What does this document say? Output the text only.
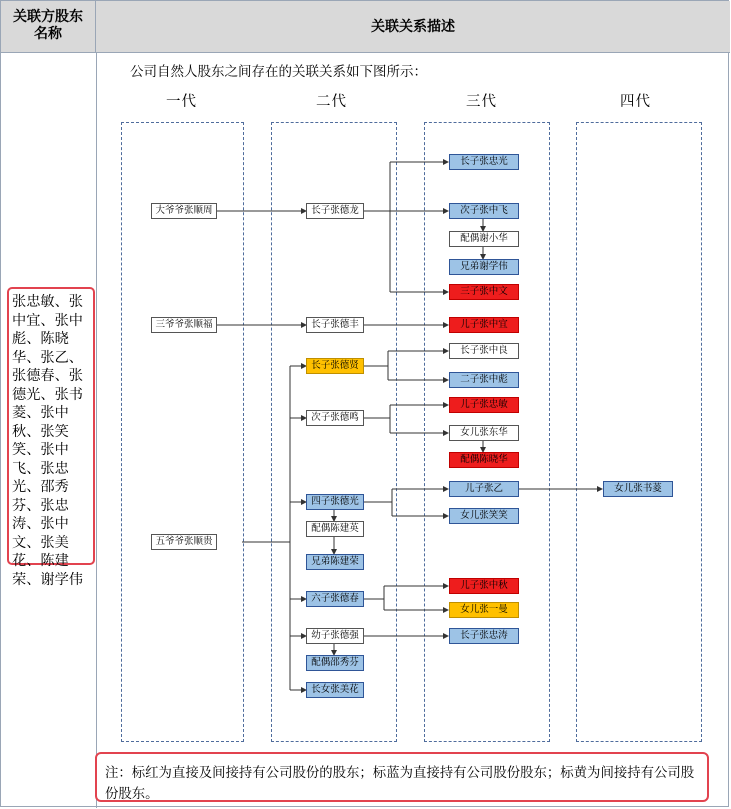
关联方股东名称	关联关系描述
张忠敏、张中宜、张中彪、陈晓华、张乙、张德春、张德光、张书菱、张中秋、张笑笑、张中飞、张忠光、邵秀芬、张忠涛、张中文、张美花、陈建荣、谢学伟
公司自然人股东之间存在的关联关系如下图所示：
一代	二代	三代	四代
大爷爷张顺周
三爷爷张顺福
五爷爷张顺贵
长子张德龙
长子张德丰
长子张德贤
次子张德鸣
四子张德光
配偶陈建英
兄弟陈建荣
六子张德春
幼子张德强
配偶邵秀芬
长女张美花
长子张忠光
次子张中飞
配偶谢小华
兄弟谢学伟
三子张中文
儿子张中宜
长子张中良
二子张中彪
儿子张忠敏
女儿张东华
配偶陈晓华
儿子张乙
女儿张笑笑
儿子张中秋
女儿张一曼
长子张忠涛
女儿张书菱
注：标红为直接及间接持有公司股份的股东；标蓝为直接持有公司股份股东；标黄为间接持有公司股份股东。
